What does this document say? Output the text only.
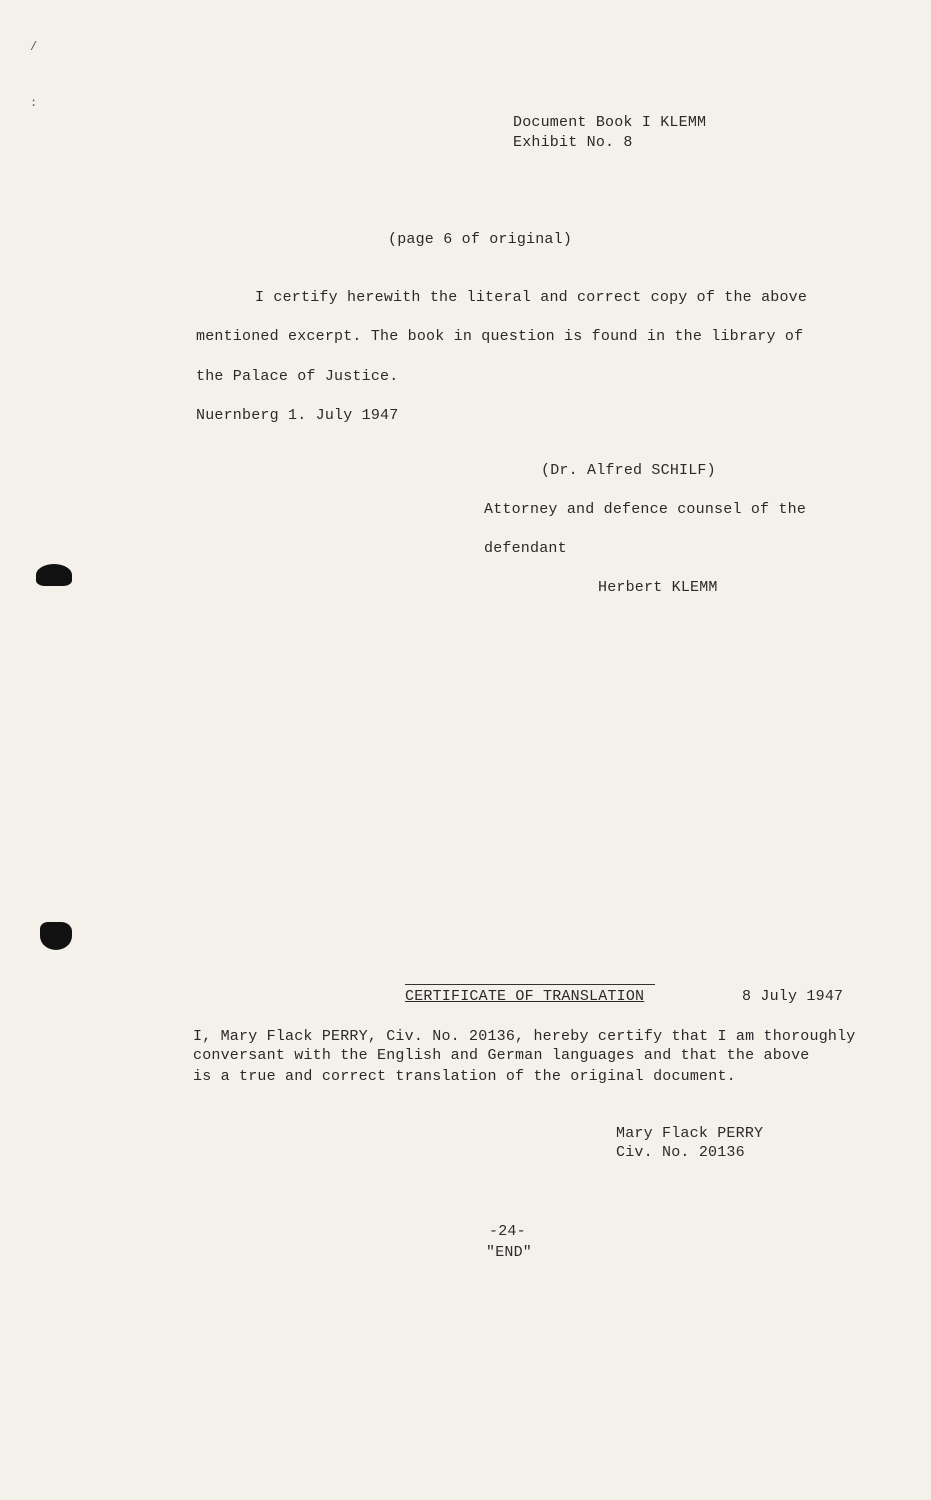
/
:
Document Book I KLEMM
Exhibit No. 8
(page 6 of original)
I certify herewith the literal and correct copy of the above
mentioned excerpt. The book in question is found in the library of
the Palace of Justice.
Nuernberg 1. July 1947
(Dr. Alfred SCHILF)
Attorney and defence counsel of the
defendant
Herbert KLEMM
CERTIFICATE OF TRANSLATION	8 July 1947
I, Mary Flack PERRY, Civ. No. 20136, hereby certify that I am thoroughly
conversant with the English and German languages and that the above
is a true and correct translation of the original document.
Mary Flack PERRY
Civ. No. 20136
-24-
"END"
